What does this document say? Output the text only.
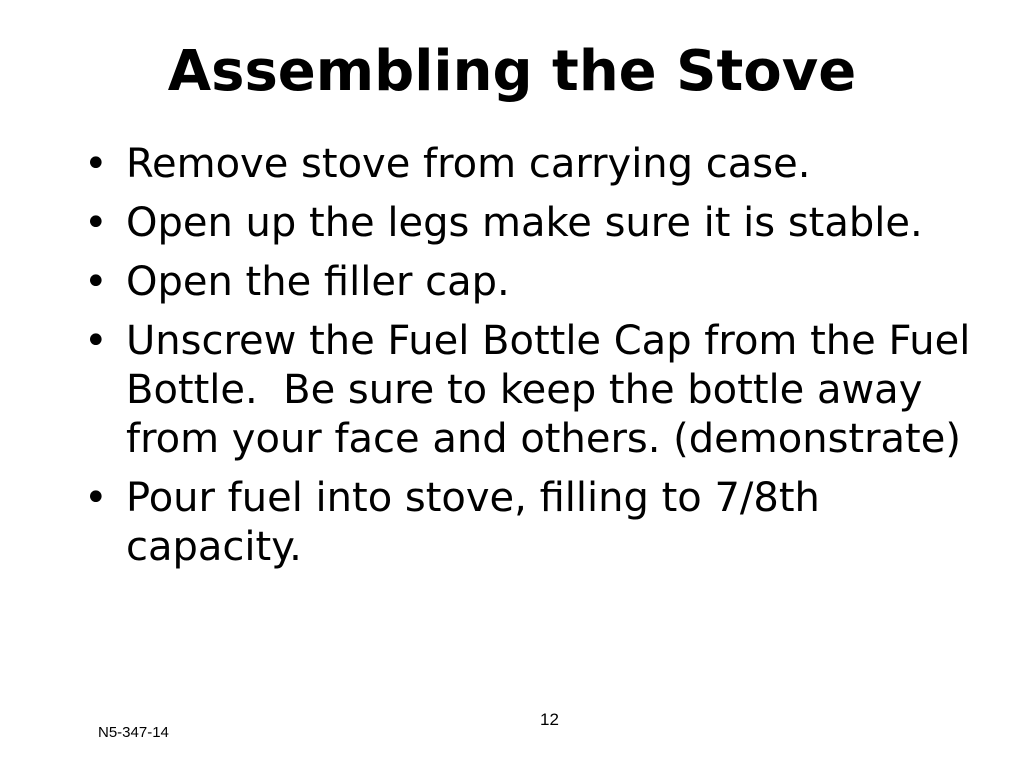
Assembling the Stove
• Remove stove from carrying case.
• Open up the legs make sure it is stable.
• Open the filler cap.
• Unscrew the Fuel Bottle Cap from the Fuel Bottle.  Be sure to keep the bottle away from your face and others. (demonstrate)
• Pour fuel into stove, filling to 7/8th capacity.
N5-347-14
12
